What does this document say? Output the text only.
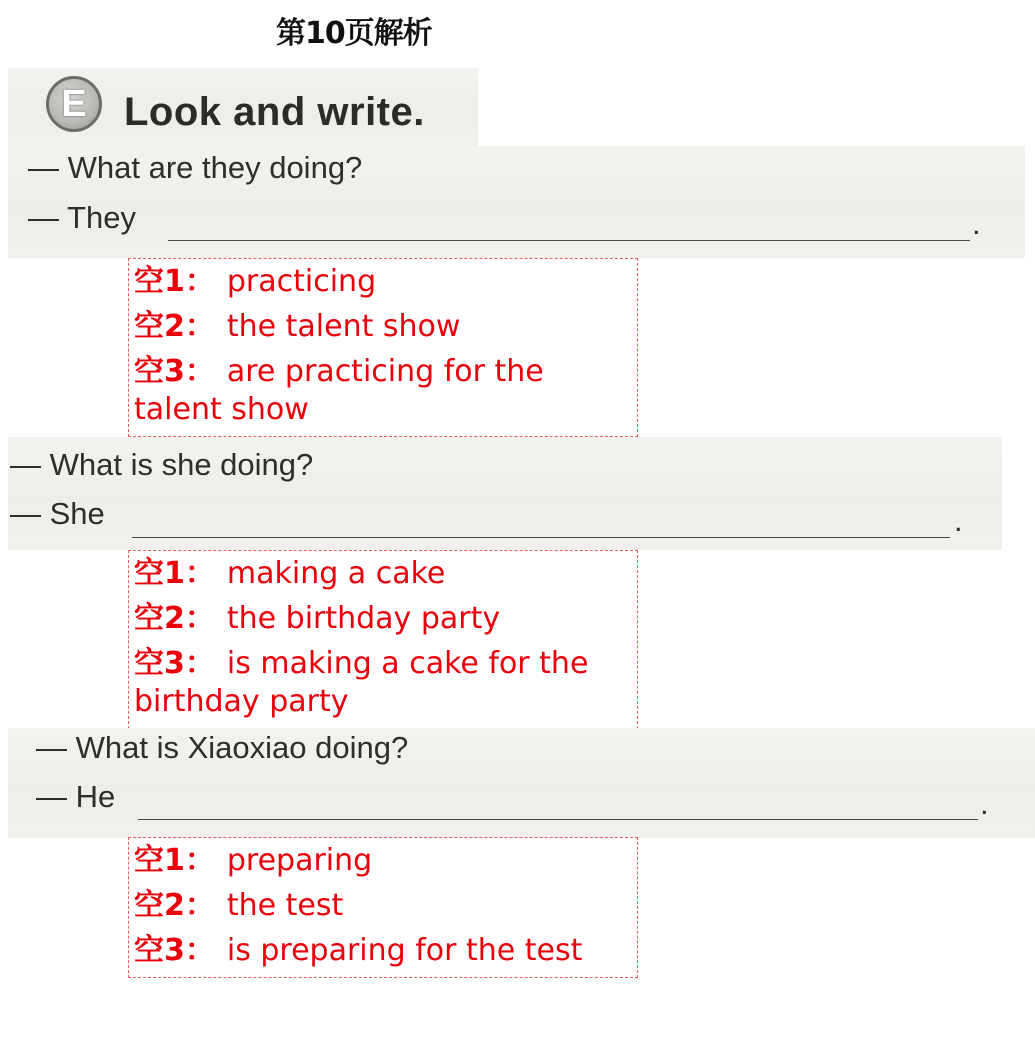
第10页解析
E Look and write.
— What are they doing?
— They	.
空1： practicing
空2： the talent show
空3： are practicing for the talent show
— What is she doing?
— She	.
空1： making a cake
空2： the birthday party
空3： is making a cake for the birthday party
— What is Xiaoxiao doing?
— He	.
空1： preparing
空2： the test
空3： is preparing for the test
